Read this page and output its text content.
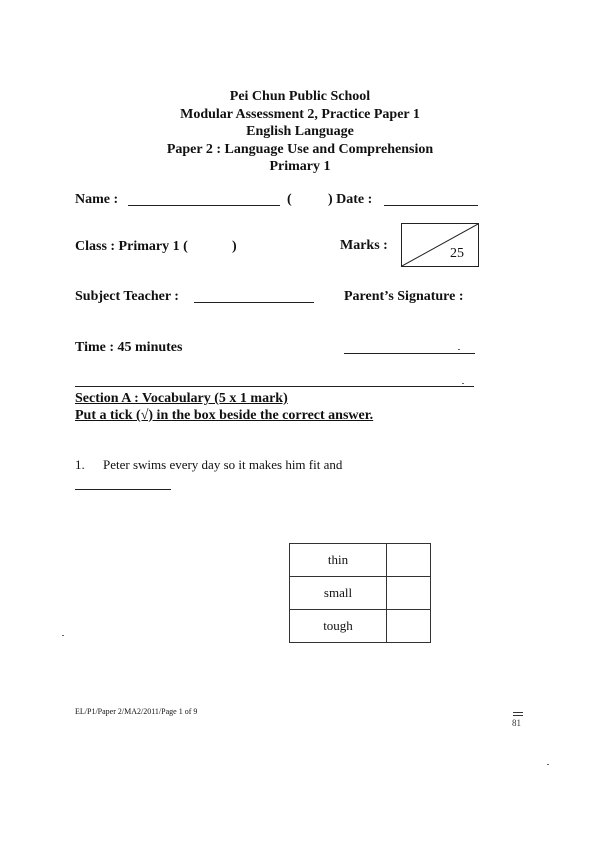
Pei Chun Public School
Modular Assessment 2, Practice Paper 1
English Language
Paper 2 : Language Use and Comprehension
Primary 1
Name :	(	) Date :
Class : Primary 1 (	)	Marks :
25
Subject Teacher :	Parent’s Signature :
Time : 45 minutes
Section A : Vocabulary (5 x 1 mark)
Put a tick (√) in the box beside the correct answer.
1. Peter swims every day so it makes him fit and
thin	
small	
tough	
EL/P1/Paper 2/MA2/2011/Page 1 of 9
81
